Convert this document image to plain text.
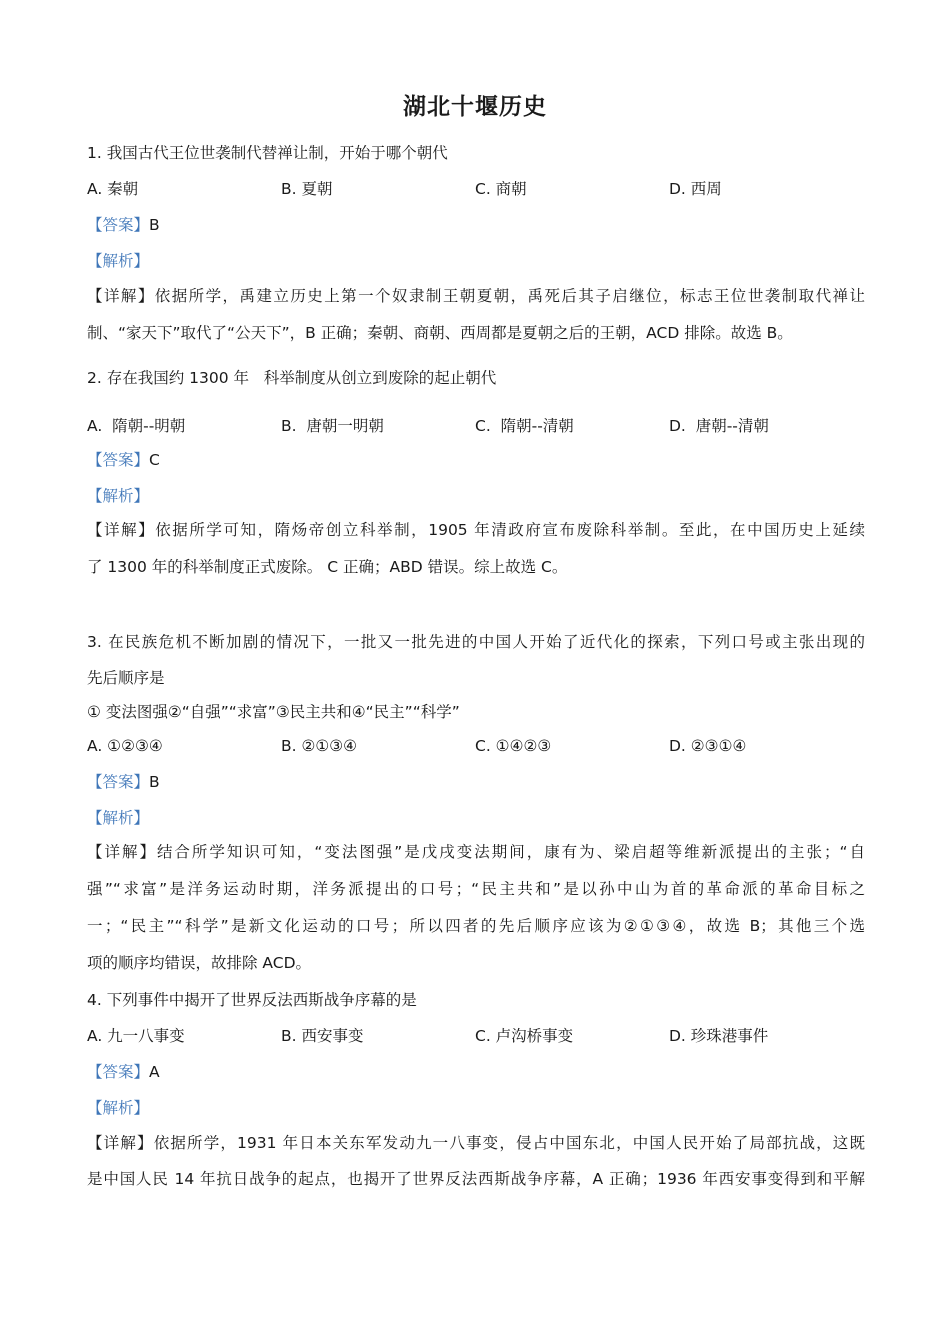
湖北十堰历史
1. 我国古代王位世袭制代替禅让制，开始于哪个朝代
A. 秦朝	B. 夏朝	C. 商朝	D. 西周
【答案】B
【解析】
【详解】依据所学，禹建立历史上第一个奴隶制王朝夏朝，禹死后其子启继位，标志王位世袭制取代禅让
制、“家天下”取代了“公天下”，B 正确；秦朝、商朝、西周都是夏朝之后的王朝，ACD 排除。故选 B。
2. 存在我国约 1300 年   科举制度从创立到废除的起止朝代
A.  隋朝--明朝	B.  唐朝一明朝	C.  隋朝--清朝	D.  唐朝--清朝
【答案】C
【解析】
【详解】依据所学可知，隋炀帝创立科举制，1905 年清政府宣布废除科举制。至此，在中国历史上延续
了 1300 年的科举制度正式废除。 C 正确；ABD 错误。综上故选 C。
3. 在民族危机不断加剧的情况下，一批又一批先进的中国人开始了近代化的探索，下列口号或主张出现的
先后顺序是
① 变法图强②“自强”“求富”③民主共和④“民主”“科学”
A. ①②③④	B. ②①③④	C. ①④②③	D. ②③①④
【答案】B
【解析】
【详解】结合所学知识可知，“变法图强”是戊戌变法期间，康有为、梁启超等维新派提出的主张；“自
强”“求富”是洋务运动时期，洋务派提出的口号；“民主共和”是以孙中山为首的革命派的革命目标之
一；“民主”“科学”是新文化运动的口号；所以四者的先后顺序应该为②①③④，故选 B；其他三个选
项的顺序均错误，故排除 ACD。
4. 下列事件中揭开了世界反法西斯战争序幕的是
A. 九一八事变	B. 西安事变	C. 卢沟桥事变	D. 珍珠港事件
【答案】A
【解析】
【详解】依据所学，1931 年日本关东军发动九一八事变，侵占中国东北，中国人民开始了局部抗战，这既
是中国人民 14 年抗日战争的起点，也揭开了世界反法西斯战争序幕，A 正确；1936 年西安事变得到和平解
